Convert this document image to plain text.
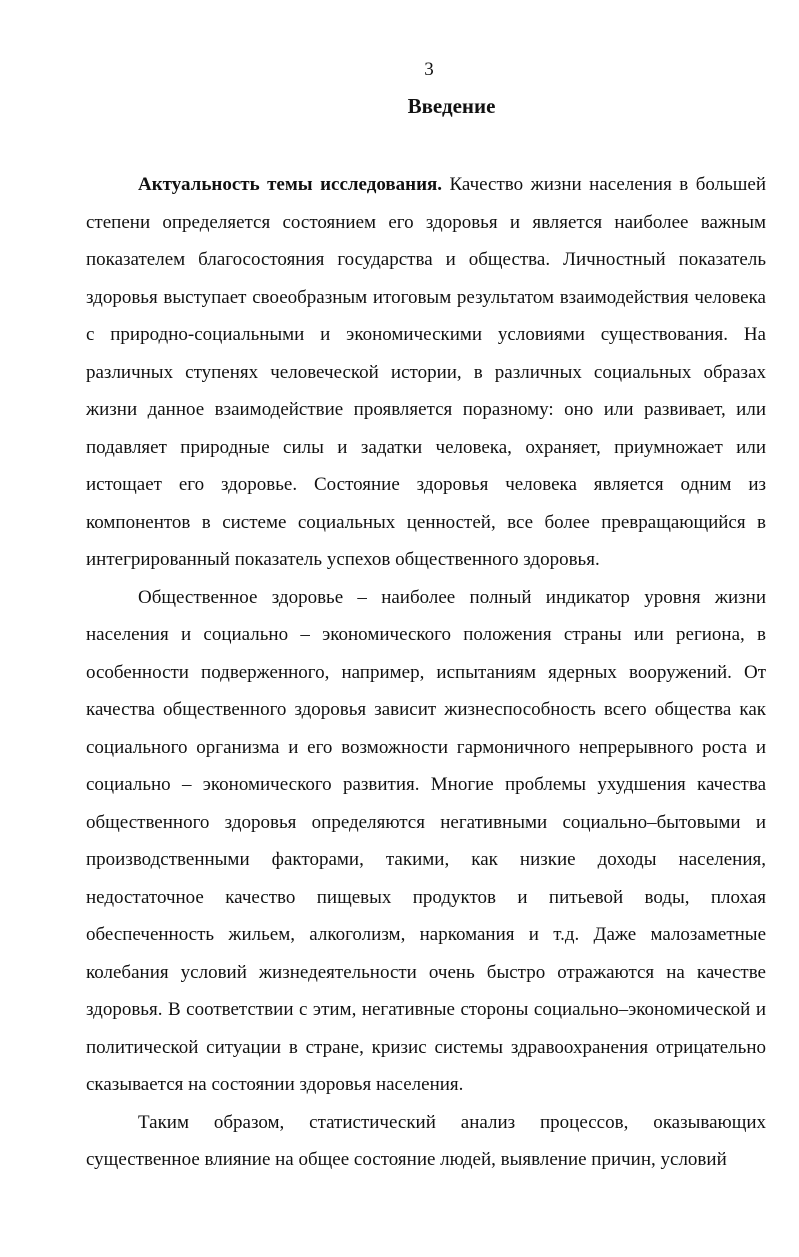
3
Введение

Актуальность темы исследования. Качество жизни населения в большей степени определяется состоянием его здоровья и является наиболее важным показателем благосостояния государства и общества. Личностный показатель здоровья выступает своеобразным итоговым результатом взаимодействия человека с природно-социальными и экономическими условиями существования. На различных ступенях человеческой истории, в различных социальных образах жизни данное взаимодействие проявляется поразному: оно или развивает, или подавляет природные силы и задатки человека, охраняет, приумножает или истощает его здоровье. Состояние здоровья человека является одним из компонентов в системе социальных ценностей, все более превращающийся в интегрированный показатель успехов общественного здоровья.

Общественное здоровье – наиболее полный индикатор уровня жизни населения и социально – экономического положения страны или региона, в особенности подверженного, например, испытаниям ядерных вооружений. От качества общественного здоровья зависит жизнеспособность всего общества как социального организма и его возможности гармоничного непрерывного роста и социально – экономического развития. Многие проблемы ухудшения качества общественного здоровья определяются негативными социально–бытовыми и производственными факторами, такими, как низкие доходы населения, недостаточное качество пищевых продуктов и питьевой воды, плохая обеспеченность жильем, алкоголизм, наркомания и т.д. Даже малозаметные колебания условий жизнедеятельности очень быстро отражаются на качестве здоровья. В соответствии с этим, негативные стороны социально–экономической и политической ситуации в стране, кризис системы здравоохранения отрицательно сказывается на состоянии здоровья населения.

Таким образом, статистический анализ процессов, оказывающих существенное влияние на общее состояние людей, выявление причин, условий
